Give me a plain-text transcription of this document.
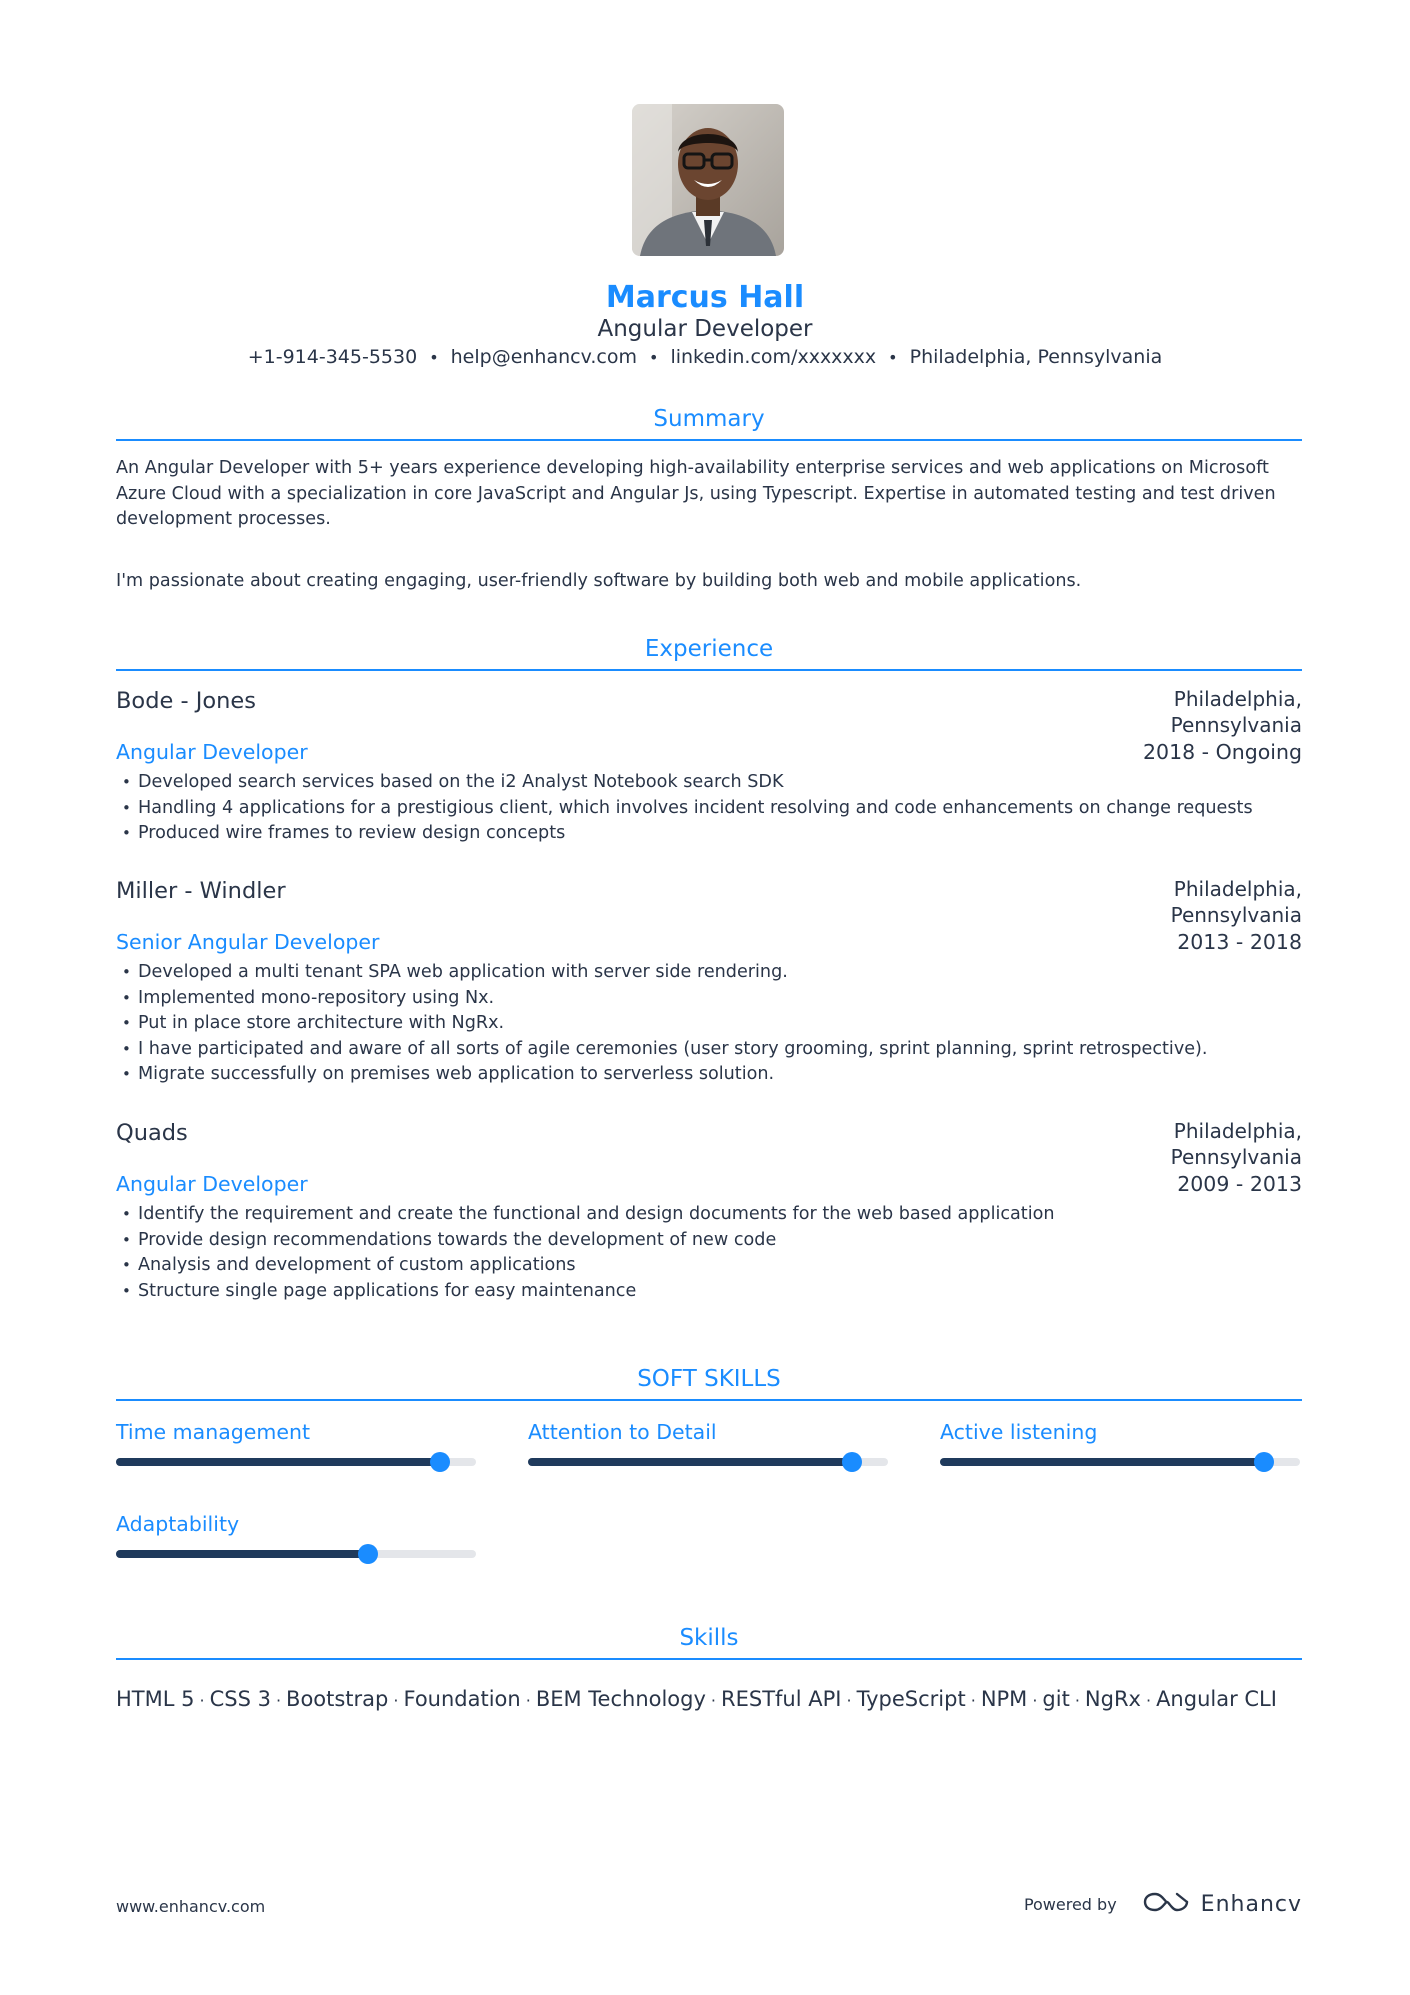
Marcus Hall
Angular Developer
+1-914-345-5530 • help@enhancv.com • linkedin.com/xxxxxxx • Philadelphia, Pennsylvania
Summary

An Angular Developer with 5+ years experience developing high-availability enterprise services and web applications on Microsoft Azure Cloud with a specialization in core JavaScript and Angular Js, using Typescript. Expertise in automated testing and test driven development processes.

I'm passionate about creating engaging, user-friendly software by building both web and mobile applications.

Experience
Bode - Jones	Philadelphia, Pennsylvania
Angular Developer	2018 - Ongoing
• Developed search services based on the i2 Analyst Notebook search SDK
• Handling 4 applications for a prestigious client, which involves incident resolving and code enhancements on change requests
• Produced wire frames to review design concepts
Miller - Windler	Philadelphia, Pennsylvania
Senior Angular Developer	2013 - 2018
• Developed a multi tenant SPA web application with server side rendering.
• Implemented mono-repository using Nx.
• Put in place store architecture with NgRx.
• I have participated and aware of all sorts of agile ceremonies (user story grooming, sprint planning, sprint retrospective).
• Migrate successfully on premises web application to serverless solution.
Quads	Philadelphia, Pennsylvania
Angular Developer	2009 - 2013
• Identify the requirement and create the functional and design documents for the web based application
• Provide design recommendations towards the development of new code
• Analysis and development of custom applications
• Structure single page applications for easy maintenance
SOFT SKILLS
Time management	Attention to Detail	Active listening
Adaptability
Skills
HTML 5 · CSS 3 · Bootstrap · Foundation · BEM Technology · RESTful API · TypeScript · NPM · git · NgRx · Angular CLI
www.enhancv.com	Powered by	Enhancv
